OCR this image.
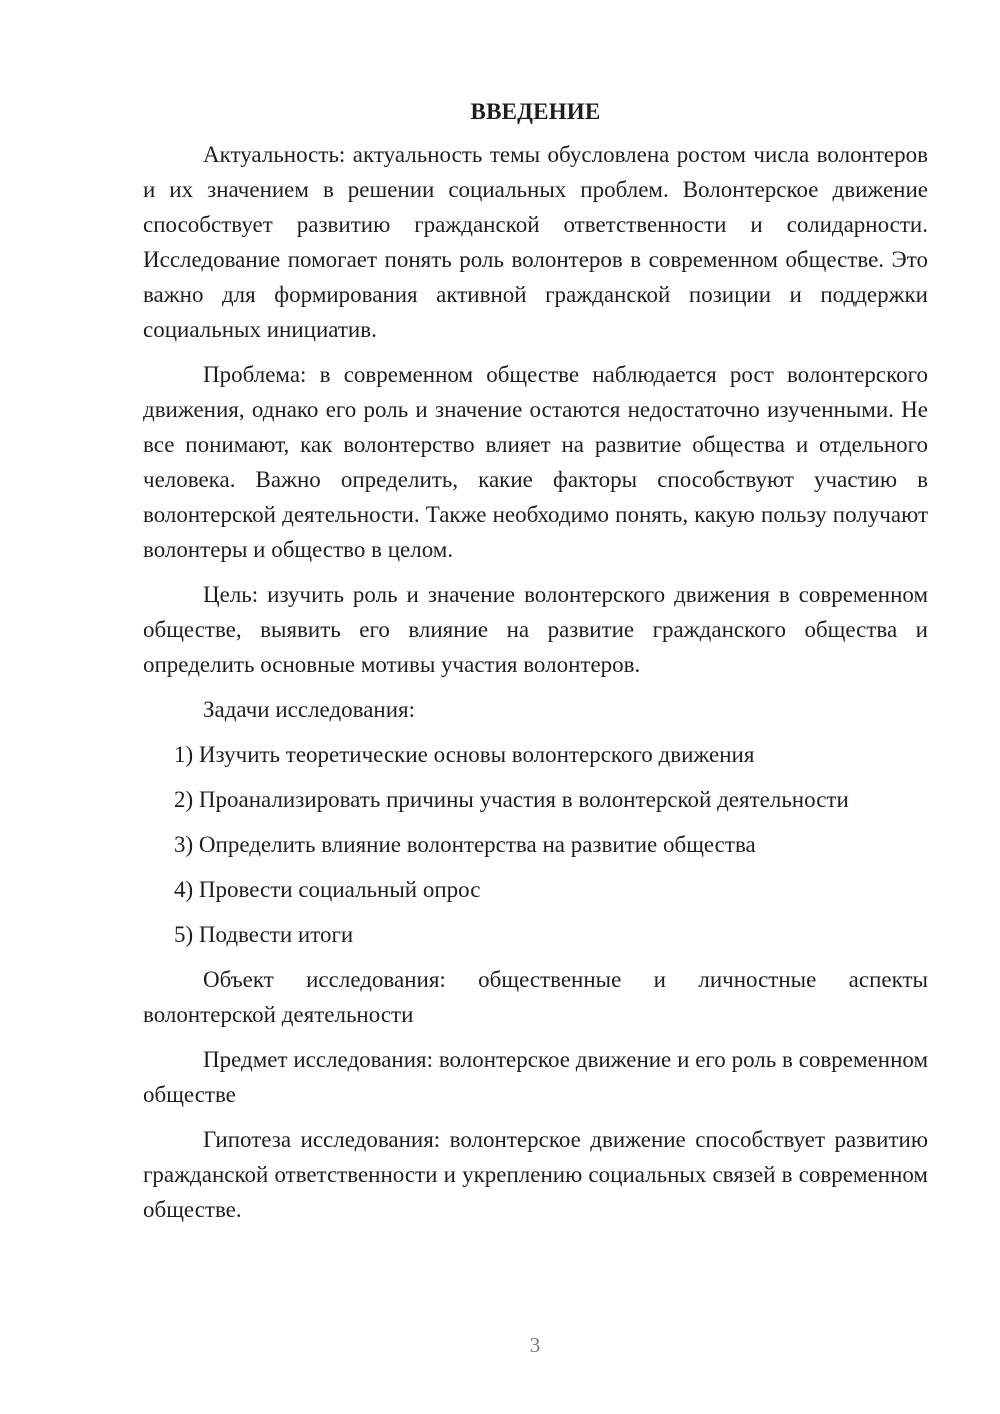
ВВЕДЕНИЕ

Актуальность: актуальность темы обусловлена ростом числа волонтеров и их значением в решении социальных проблем. Волонтерское движение способствует развитию гражданской ответственности и солидарности. Исследование помогает понять роль волонтеров в современном обществе. Это важно для формирования активной гражданской позиции и поддержки социальных инициатив.

Проблема: в современном обществе наблюдается рост волонтерского движения, однако его роль и значение остаются недостаточно изученными. Не все понимают, как волонтерство влияет на развитие общества и отдельного человека. Важно определить, какие факторы способствуют участию в волонтерской деятельности. Также необходимо понять, какую пользу получают волонтеры и общество в целом.

Цель: изучить роль и значение волонтерского движения в современном обществе, выявить его влияние на развитие гражданского общества и определить основные мотивы участия волонтеров.

Задачи исследования:

1) Изучить теоретические основы волонтерского движения
2) Проанализировать причины участия в волонтерской деятельности
3) Определить влияние волонтерства на развитие общества
4) Провести социальный опрос
5) Подвести итоги

Объект исследования: общественные и личностные аспекты волонтерской деятельности

Предмет исследования: волонтерское движение и его роль в современном обществе

Гипотеза исследования: волонтерское движение способствует развитию гражданской ответственности и укреплению социальных связей в современном обществе.

3
